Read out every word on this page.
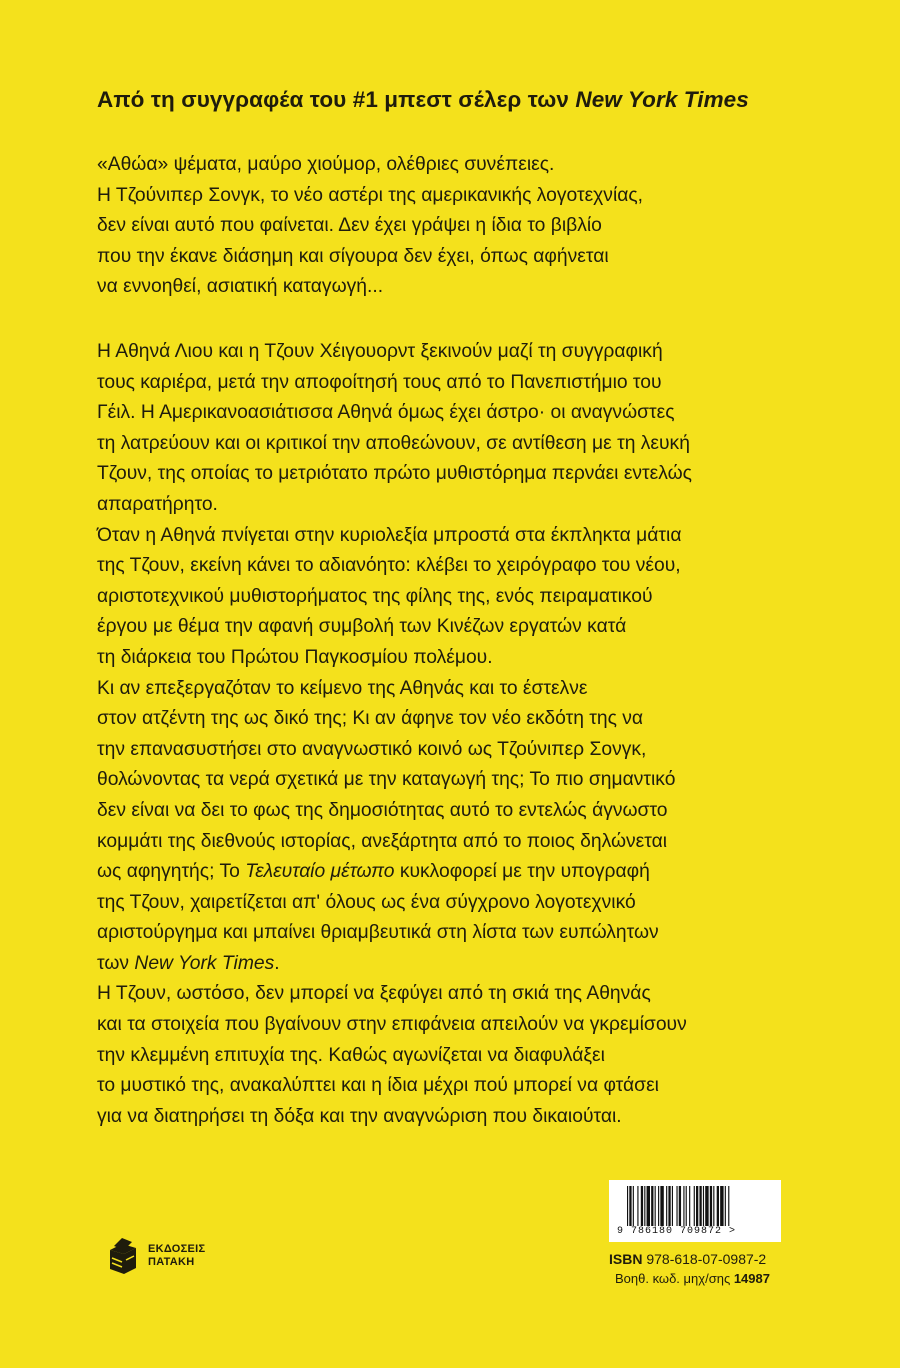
Από τη συγγραφέα του #1 μπεστ σέλερ των New York Times
«Αθώα» ψέματα, μαύρο χιούμορ, ολέθριες συνέπειες.
Η Τζούνιπερ Σονγκ, το νέο αστέρι της αμερικανικής λογοτεχνίας,
δεν είναι αυτό που φαίνεται. Δεν έχει γράψει η ίδια το βιβλίο
που την έκανε διάσημη και σίγουρα δεν έχει, όπως αφήνεται
να εννοηθεί, ασιατική καταγωγή...

Η Αθηνά Λιου και η Τζουν Χέιγουορντ ξεκινούν μαζί τη συγγραφική
τους καριέρα, μετά την αποφοίτησή τους από το Πανεπιστήμιο του
Γέιλ. Η Αμερικανοασιάτισσα Αθηνά όμως έχει άστρο· οι αναγνώστες
τη λατρεύουν και οι κριτικοί την αποθεώνουν, σε αντίθεση με τη λευκή
Τζουν, της οποίας το μετριότατο πρώτο μυθιστόρημα περνάει εντελώς
απαρατήρητο.

Όταν η Αθηνά πνίγεται στην κυριολεξία μπροστά στα έκπληκτα μάτια
της Τζουν, εκείνη κάνει το αδιανόητο: κλέβει το χειρόγραφο του νέου,
αριστοτεχνικού μυθιστορήματος της φίλης της, ενός πειραματικού
έργου με θέμα την αφανή συμβολή των Κινέζων εργατών κατά
τη διάρκεια του Πρώτου Παγκοσμίου πολέμου.

Κι αν επεξεργαζόταν το κείμενο της Αθηνάς και το έστελνε
στον ατζέντη της ως δικό της; Κι αν άφηνε τον νέο εκδότη της να
την επανασυστήσει στο αναγνωστικό κοινό ως Τζούνιπερ Σονγκ,
θολώνοντας τα νερά σχετικά με την καταγωγή της; Το πιο σημαντικό
δεν είναι να δει το φως της δημοσιότητας αυτό το εντελώς άγνωστο
κομμάτι της διεθνούς ιστορίας, ανεξάρτητα από το ποιος δηλώνεται
ως αφηγητής; Το Τελευταίο μέτωπο κυκλοφορεί με την υπογραφή
της Τζουν, χαιρετίζεται απ' όλους ως ένα σύγχρονο λογοτεχνικό
αριστούργημα και μπαίνει θριαμβευτικά στη λίστα των ευπώλητων
των New York Times.

Η Τζουν, ωστόσο, δεν μπορεί να ξεφύγει από τη σκιά της Αθηνάς
και τα στοιχεία που βγαίνουν στην επιφάνεια απειλούν να γκρεμίσουν
την κλεμμένη επιτυχία της. Καθώς αγωνίζεται να διαφυλάξει
το μυστικό της, ανακαλύπτει και η ίδια μέχρι πού μπορεί να φτάσει
για να διατηρήσει τη δόξα και την αναγνώριση που δικαιούται.

ΕΚΔΟΣΕΙΣ
ΠΑΤΑΚΗ
9 786180 709872 >
ISBN 978-618-07-0987-2
Βοηθ. κωδ. μηχ/σης 14987
